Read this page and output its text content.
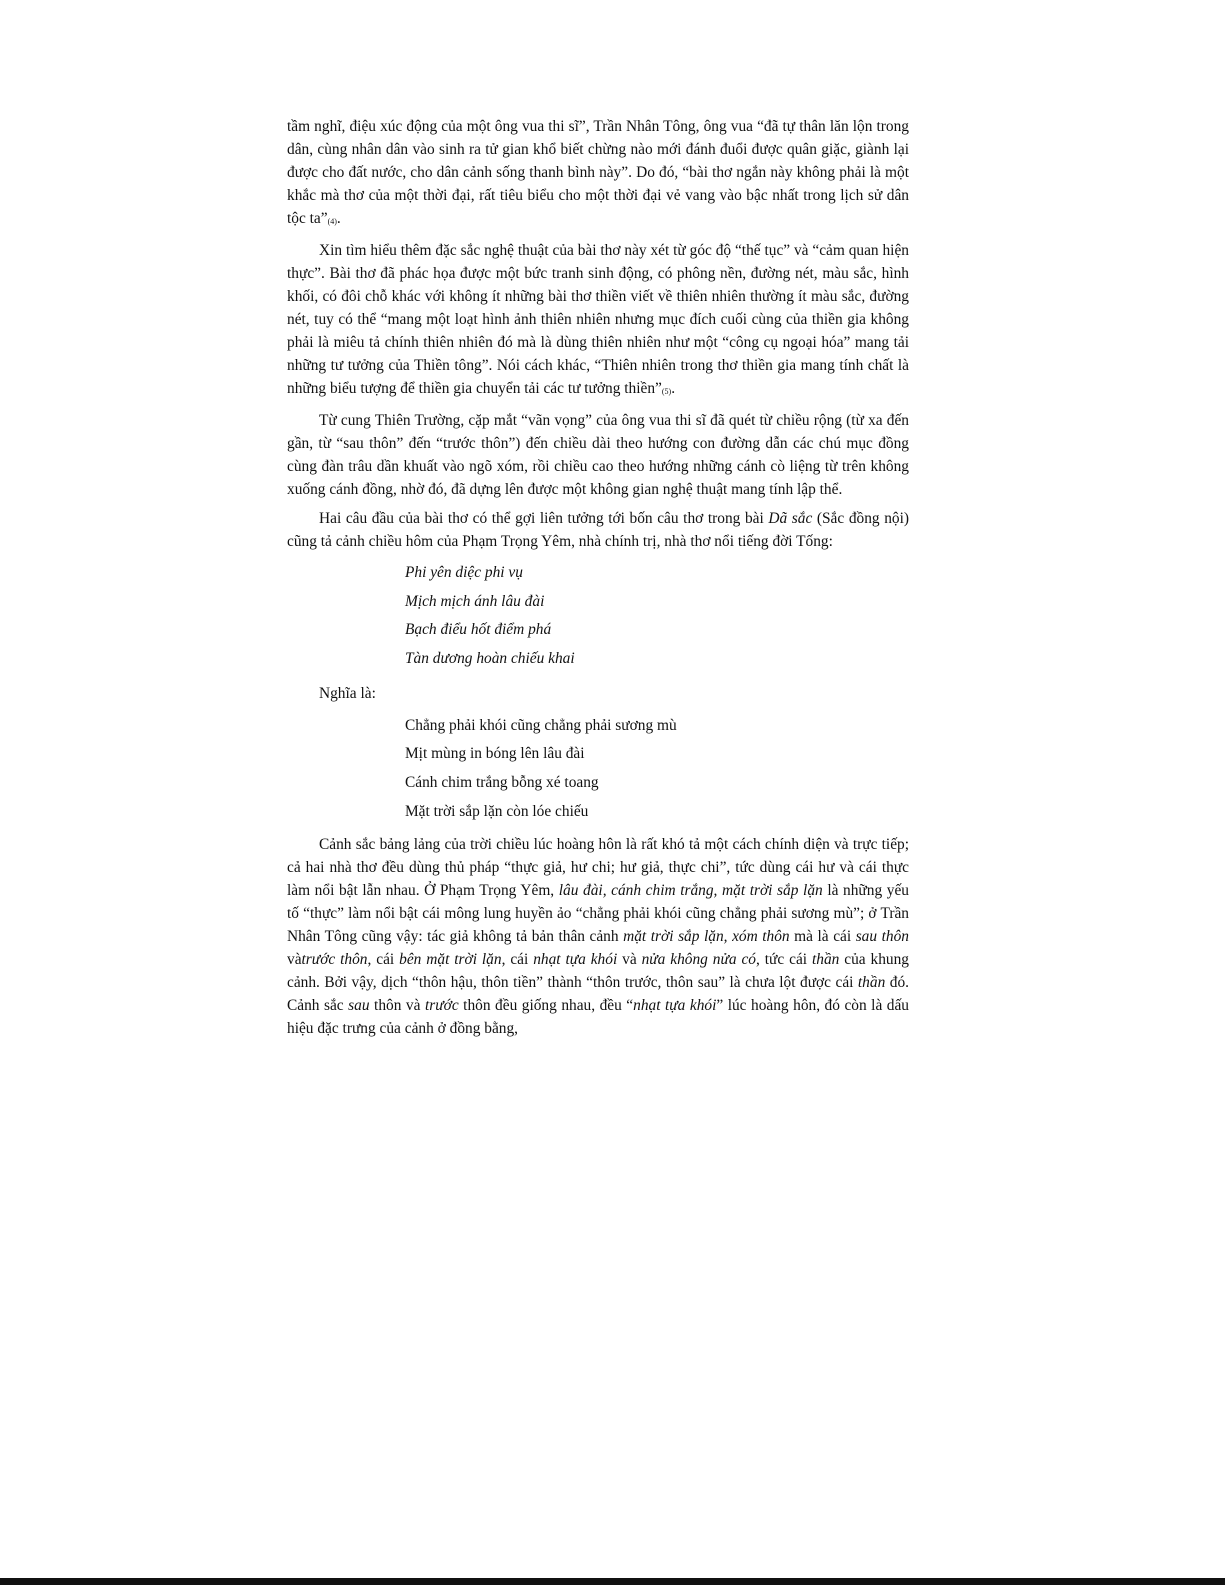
tầm nghĩ, điệu xúc động của một ông vua thi sĩ”, Trần Nhân Tông, ông vua “đã tự thân lăn lộn trong dân, cùng nhân dân vào sinh ra tử gian khổ biết chừng nào mới đánh đuổi được quân giặc, giành lại được cho đất nước, cho dân cảnh sống thanh bình này”. Do đó, “bài thơ ngắn này không phải là một khắc mà thơ của một thời đại, rất tiêu biểu cho một thời đại vẻ vang vào bậc nhất trong lịch sử dân tộc $ta”_{(4)}$.

Xin tìm hiểu thêm đặc sắc nghệ thuật của bài thơ này xét từ góc độ “thế tục” và “cảm quan hiện thực”. Bài thơ đã phác họa được một bức tranh sinh động, có phông nền, đường nét, màu sắc, hình khối, có đôi chỗ khác với không ít những bài thơ thiền viết về thiên nhiên thường ít màu sắc, đường nét, tuy có thể “mang một loạt hình ảnh thiên nhiên nhưng mục đích cuối cùng của thiền gia không phải là miêu tả chính thiên nhiên đó mà là dùng thiên nhiên như một “công cụ ngoại hóa” mang tải những tư tưởng của Thiền tông”. Nói cách khác, “Thiên nhiên trong thơ thiền gia mang tính chất là những biểu tượng để thiền gia chuyển tải các tư tưởng $thiền”_{(5)}$.

Từ cung Thiên Trường, cặp mắt “vãn vọng” của ông vua thi sĩ đã quét từ chiều rộng (từ xa đến gần, từ “sau thôn” đến “trước thôn”) đến chiều dài theo hướng con đường dẫn các chú mục đồng cùng đàn trâu dần khuất vào ngõ xóm, rồi chiều cao theo hướng những cánh cò liệng từ trên không xuống cánh đồng, nhờ đó, đã dựng lên được một không gian nghệ thuật mang tính lập thể.

Hai câu đầu của bài thơ có thể gợi liên tưởng tới bốn câu thơ trong bài Dã sắc (Sắc đồng nội) cũng tả cảnh chiều hôm của Phạm Trọng Yêm, nhà chính trị, nhà thơ nổi tiếng đời Tống:

Phi yên diệc phi vụ
Mịch mịch ánh lâu đài
Bạch điểu hốt điểm phá
Tàn dương hoàn chiếu khai
Nghĩa là:
Chẳng phải khói cũng chẳng phải sương mù
Mịt mùng in bóng lên lâu đài
Cánh chim trắng bỗng xé toang
Mặt trời sắp lặn còn lóe chiếu

Cảnh sắc bảng lảng của trời chiều lúc hoàng hôn là rất khó tả một cách chính diện và trực tiếp; cả hai nhà thơ đều dùng thủ pháp “thực giả, hư chi; hư giả, thực chi”, tức dùng cái hư và cái thực làm nổi bật lẫn nhau. Ở Phạm Trọng Yêm, lâu đài, cánh chim trắng, mặt trời sắp lặn là những yếu tố “thực” làm nổi bật cái mông lung huyền ảo “chẳng phải khói cũng chẳng phải sương mù”; ở Trần Nhân Tông cũng vậy: tác giả không tả bản thân cảnh mặt trời sắp lặn, xóm thôn mà là cái sau thôn vàtrước thôn, cái bên mặt trời lặn, cái nhạt tựa khói và nửa không nửa có, tức cái thần của khung cảnh. Bởi vậy, dịch “thôn hậu, thôn tiền” thành “thôn trước, thôn sau” là chưa lột được cái thần đó. Cảnh sắc sau thôn và trước thôn đều giống nhau, đều “nhạt tựa khói” lúc hoàng hôn, đó còn là dấu hiệu đặc trưng của cảnh ở đồng bằng,
